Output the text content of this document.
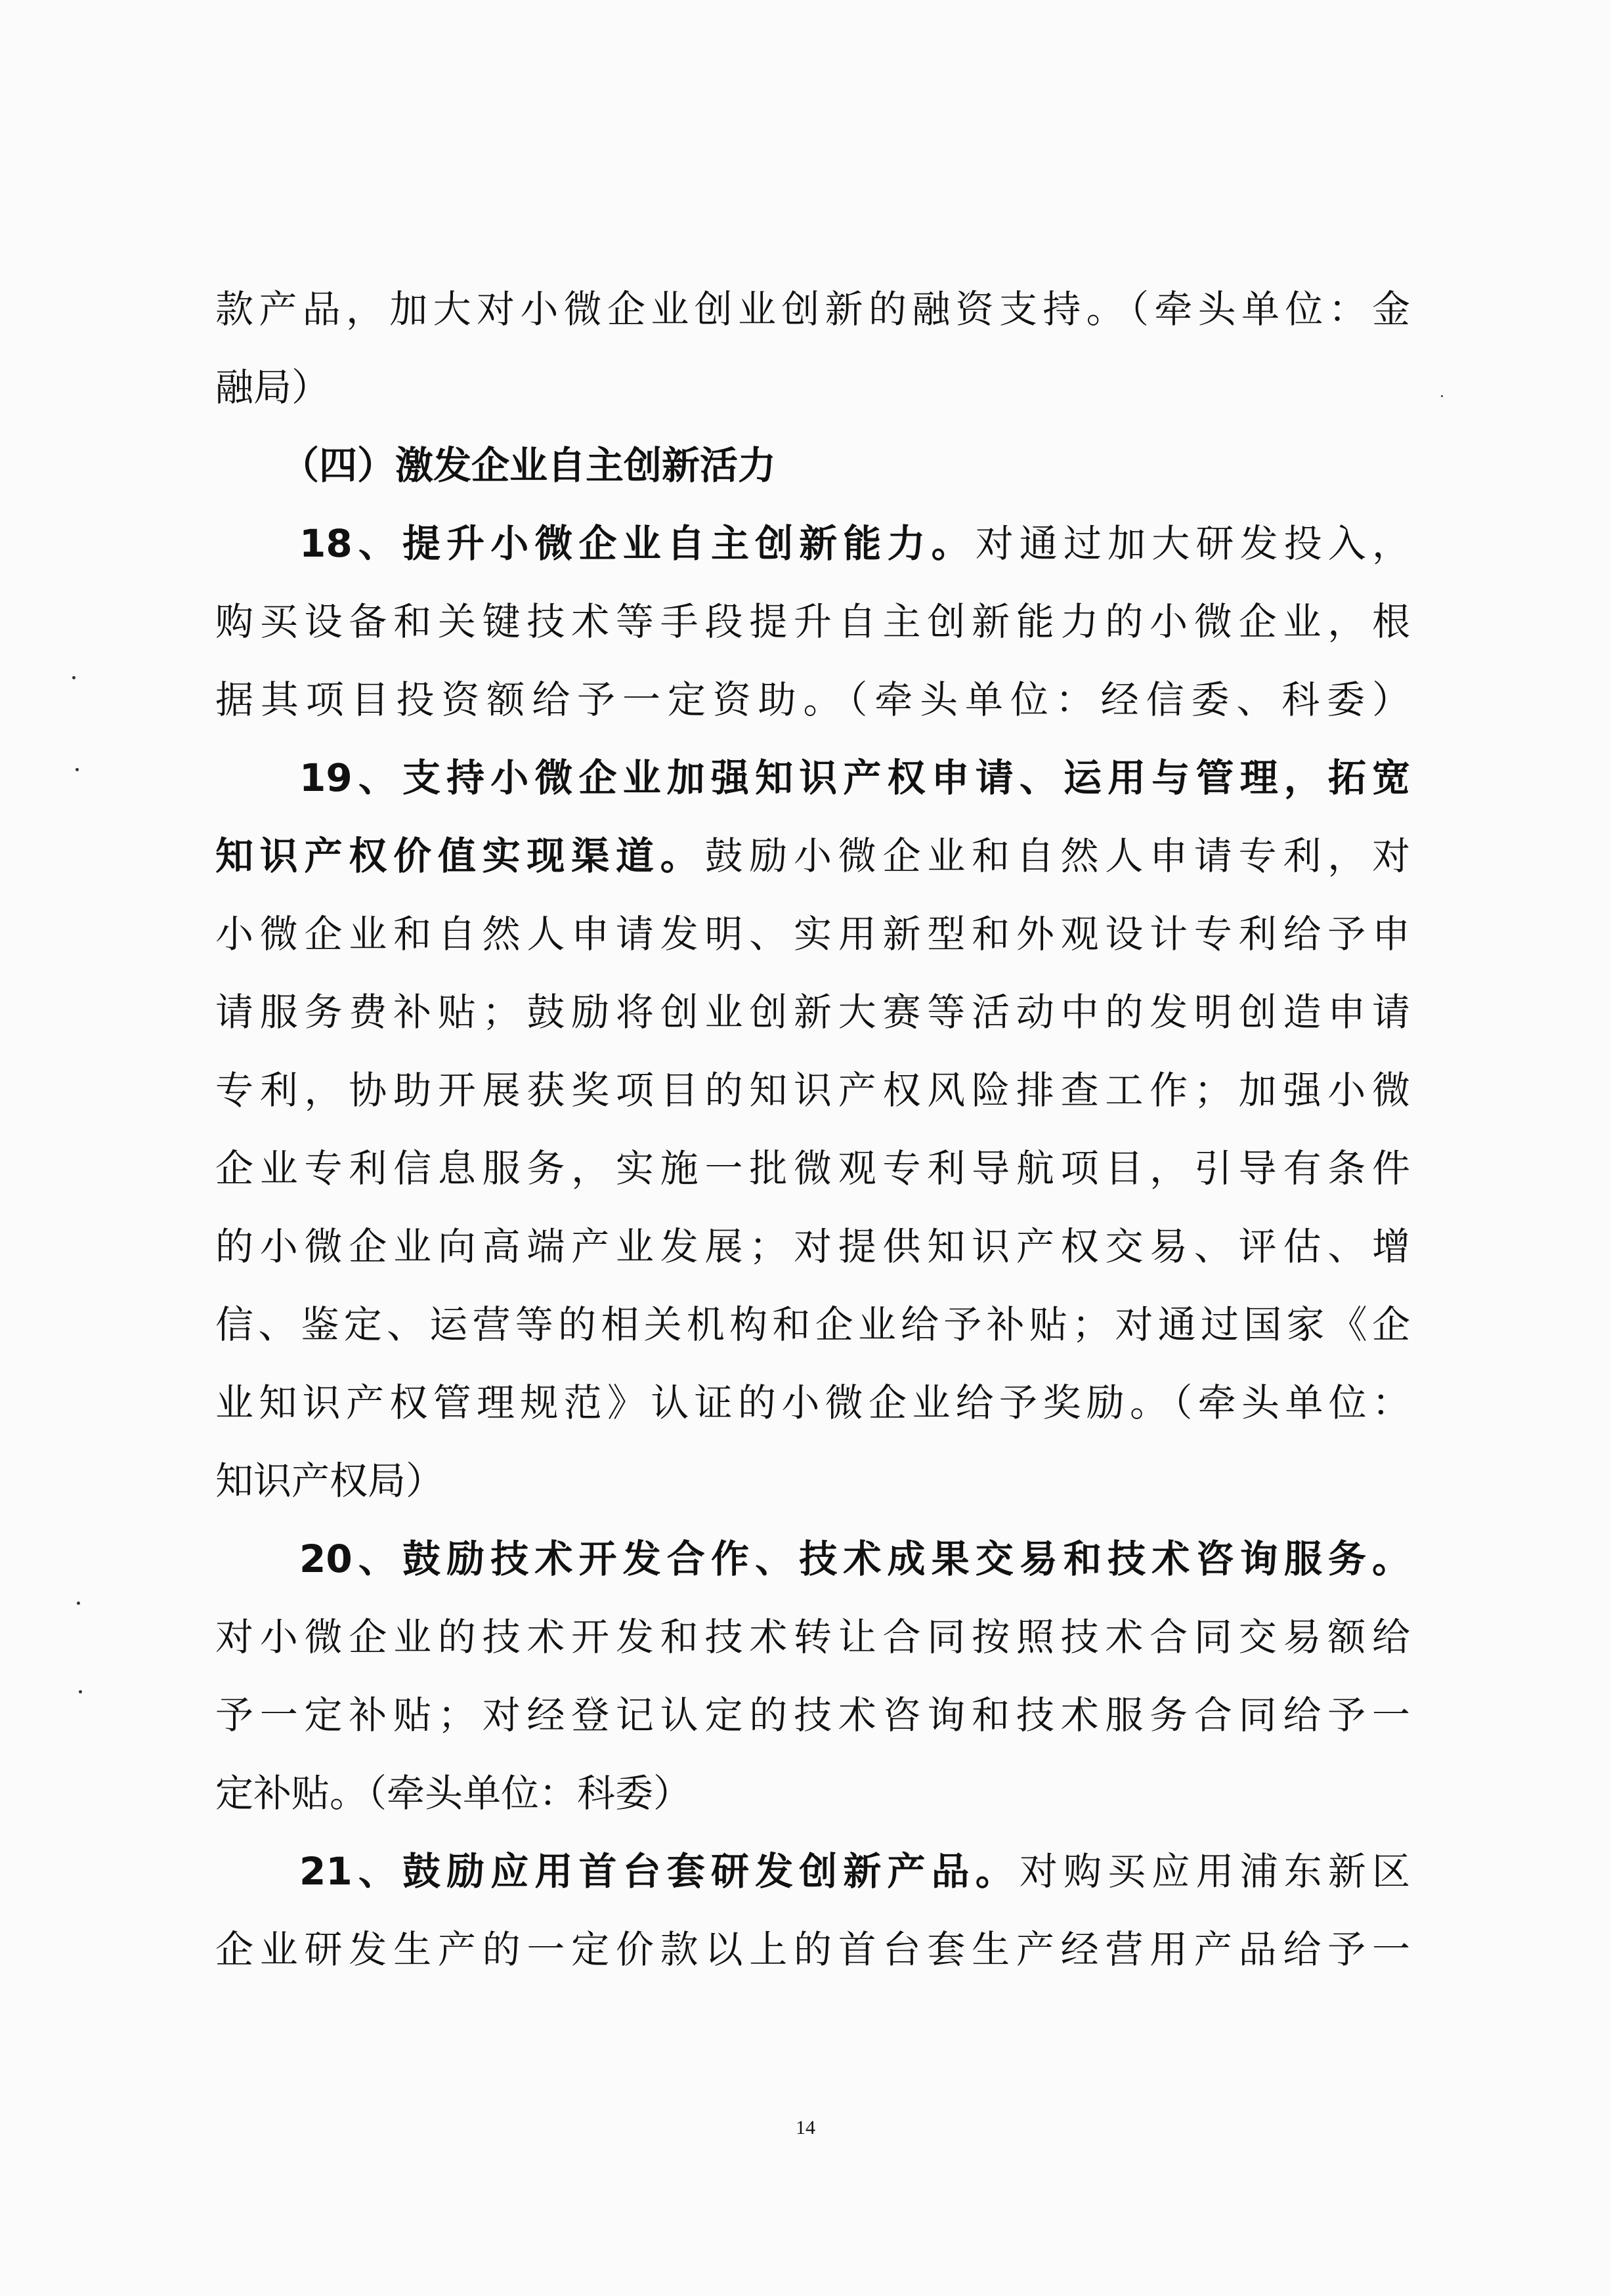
款产品，加大对小微企业创业创新的融资支持。（牵头单位：金
融局）
（四）激发企业自主创新活力
18、提升小微企业自主创新能力。对通过加大研发投入，
购买设备和关键技术等手段提升自主创新能力的小微企业，根
据其项目投资额给予一定资助。（牵头单位：经信委、科委）
19、支持小微企业加强知识产权申请、运用与管理，拓宽
知识产权价值实现渠道。鼓励小微企业和自然人申请专利，对
小微企业和自然人申请发明、实用新型和外观设计专利给予申
请服务费补贴；鼓励将创业创新大赛等活动中的发明创造申请
专利，协助开展获奖项目的知识产权风险排查工作；加强小微
企业专利信息服务，实施一批微观专利导航项目，引导有条件
的小微企业向高端产业发展；对提供知识产权交易、评估、增
信、鉴定、运营等的相关机构和企业给予补贴；对通过国家《企
业知识产权管理规范》认证的小微企业给予奖励。（牵头单位：
知识产权局）
20、鼓励技术开发合作、技术成果交易和技术咨询服务。
对小微企业的技术开发和技术转让合同按照技术合同交易额给
予一定补贴；对经登记认定的技术咨询和技术服务合同给予一
定补贴。（牵头单位：科委）
21、鼓励应用首台套研发创新产品。对购买应用浦东新区
企业研发生产的一定价款以上的首台套生产经营用产品给予一
14
